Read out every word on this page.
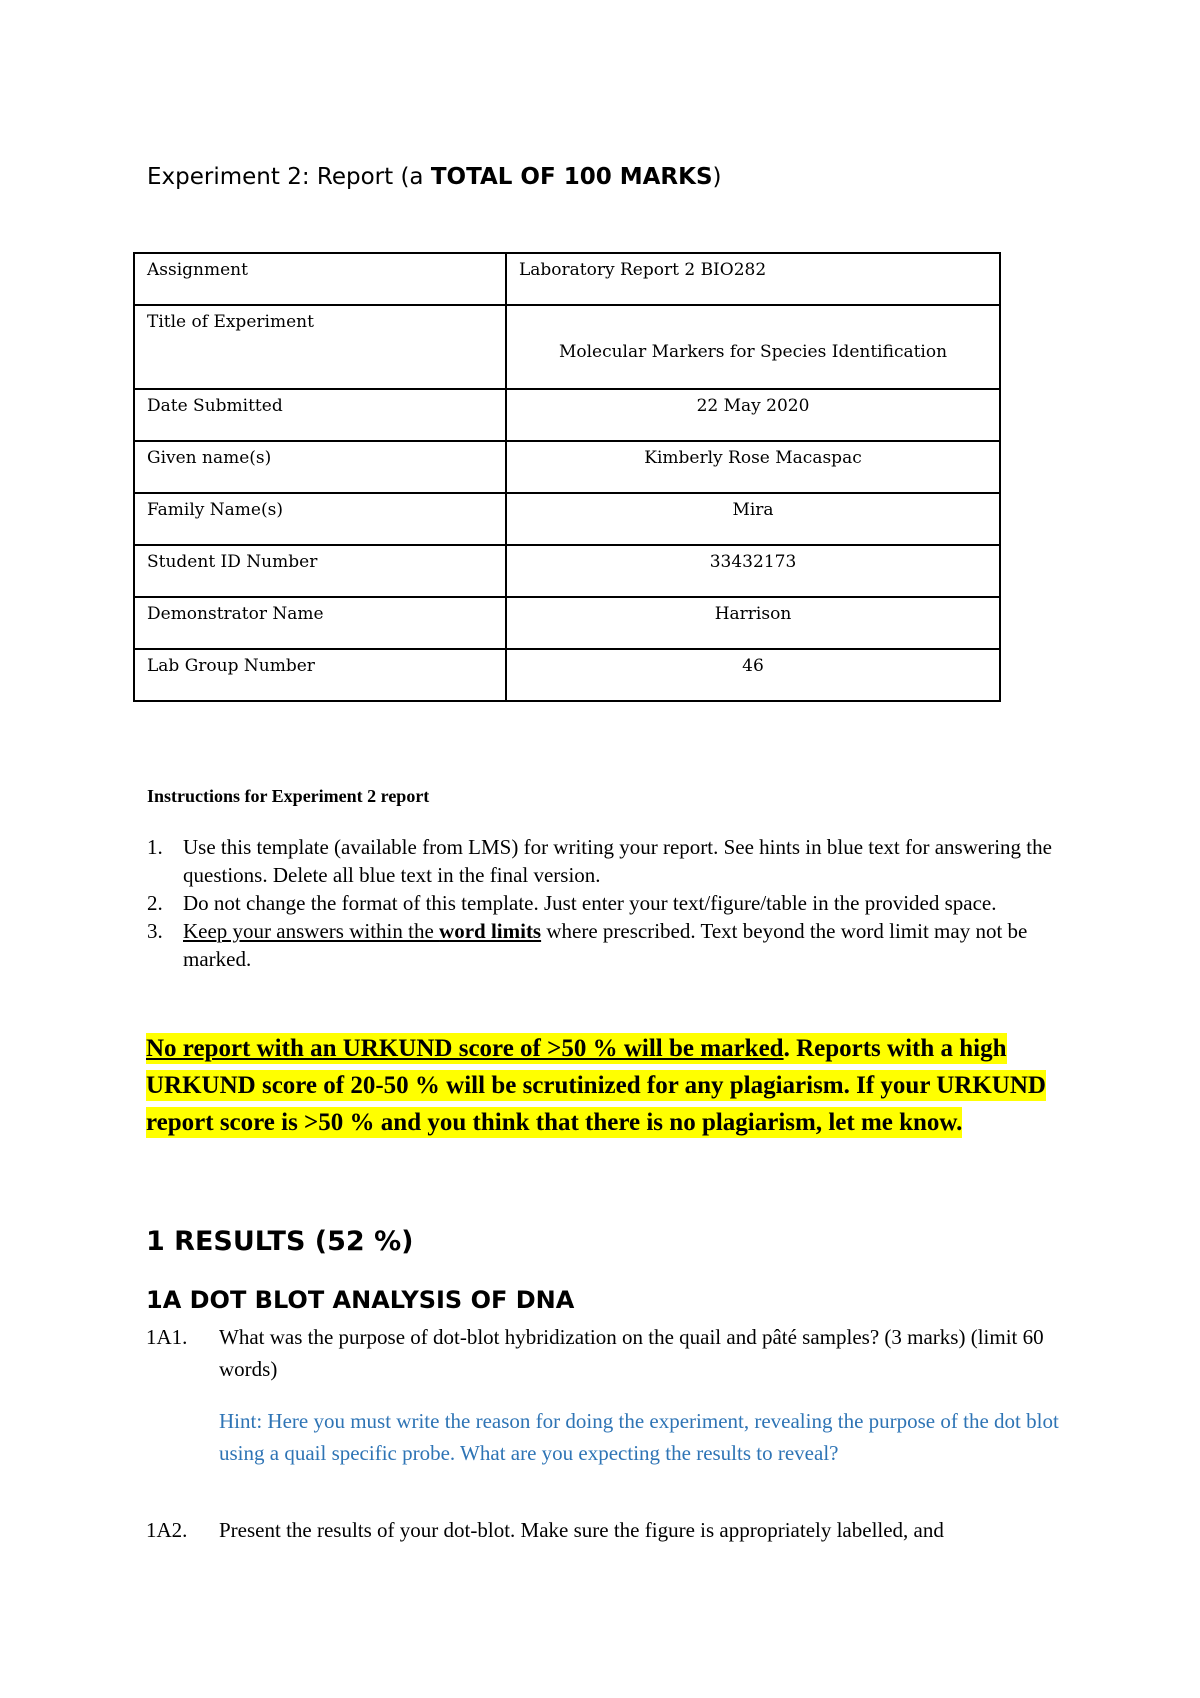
Experiment 2: Report (a TOTAL OF 100 MARKS)
Assignment	Laboratory Report 2 BIO282
Title of Experiment	Molecular Markers for Species Identification
Date Submitted	22 May 2020
Given name(s)	Kimberly Rose Macaspac
Family Name(s)	Mira
Student ID Number	33432173
Demonstrator Name	Harrison
Lab Group Number	46
Instructions for Experiment 2 report
1. Use this template (available from LMS) for writing your report. See hints in blue text for answering the questions. Delete all blue text in the final version.
2. Do not change the format of this template. Just enter your text/figure/table in the provided space.
3. Keep your answers within the word limits where prescribed. Text beyond the word limit may not be marked.
No report with an URKUND score of >50 % will be marked. Reports with a high URKUND score of 20-50 % will be scrutinized for any plagiarism. If your URKUND report score is >50 % and you think that there is no plagiarism, let me know.
1 RESULTS (52 %)
1A DOT BLOT ANALYSIS OF DNA
1A1. What was the purpose of dot-blot hybridization on the quail and pâté samples? (3 marks) (limit 60 words)
Hint: Here you must write the reason for doing the experiment, revealing the purpose of the dot blot using a quail specific probe. What are you expecting the results to reveal?
1A2. Present the results of your dot-blot. Make sure the figure is appropriately labelled, and
